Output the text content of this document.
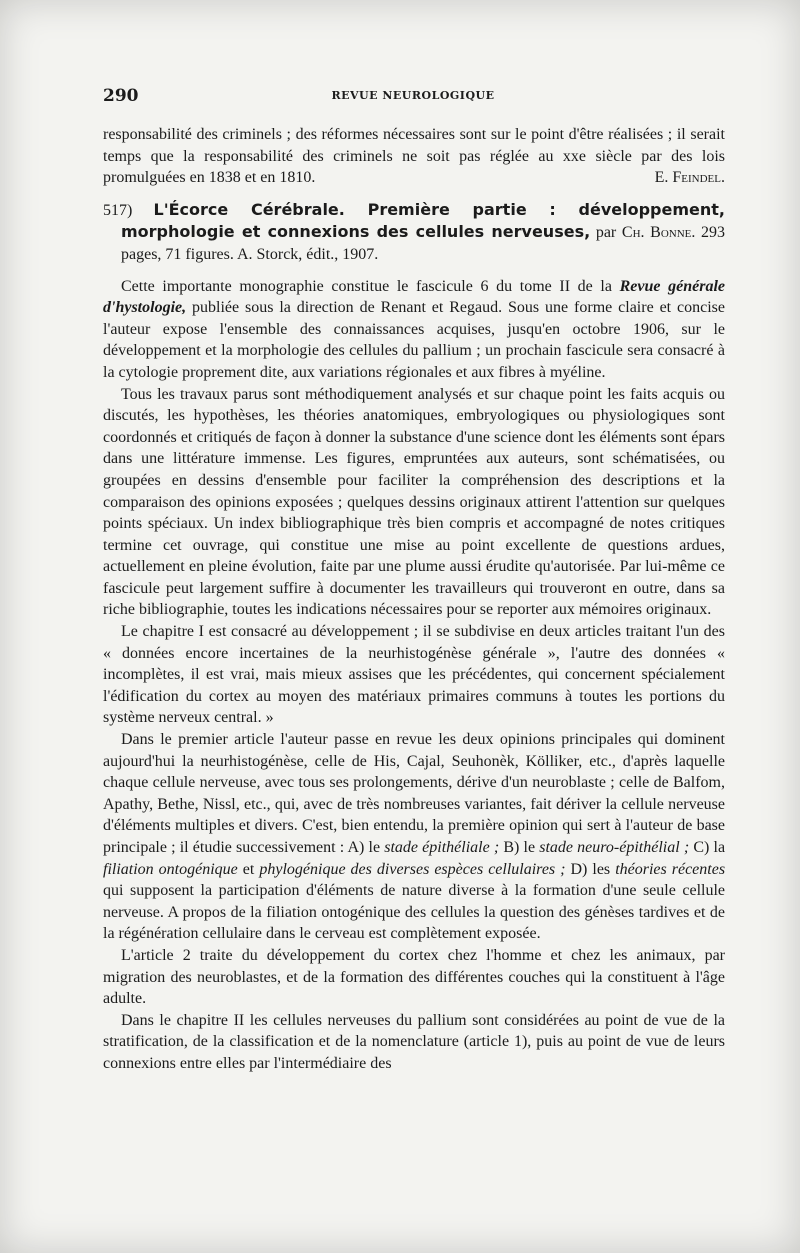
290	REVUE NEUROLOGIQUE

responsabilité des criminels ; des réformes nécessaires sont sur le point d'être réalisées ; il serait temps que la responsabilité des criminels ne soit pas réglée au xxe siècle par des lois promulguées en 1838 et en 1810.	E. Feindel.

517) L'Écorce Cérébrale. Première partie : développement, morphologie et connexions des cellules nerveuses, par Ch. Bonne. 293 pages, 71 figures. A. Storck, édit., 1907.

Cette importante monographie constitue le fascicule 6 du tome II de la Revue générale d'hystologie, publiée sous la direction de Renant et Regaud. Sous une forme claire et concise l'auteur expose l'ensemble des connaissances acquises, jusqu'en octobre 1906, sur le développement et la morphologie des cellules du pallium ; un prochain fascicule sera consacré à la cytologie proprement dite, aux variations régionales et aux fibres à myéline.

Tous les travaux parus sont méthodiquement analysés et sur chaque point les faits acquis ou discutés, les hypothèses, les théories anatomiques, embryologiques ou physiologiques sont coordonnés et critiqués de façon à donner la substance d'une science dont les éléments sont épars dans une littérature immense. Les figures, empruntées aux auteurs, sont schématisées, ou groupées en dessins d'ensemble pour faciliter la compréhension des descriptions et la comparaison des opinions exposées ; quelques dessins originaux attirent l'attention sur quelques points spéciaux. Un index bibliographique très bien compris et accompagné de notes critiques termine cet ouvrage, qui constitue une mise au point excellente de questions ardues, actuellement en pleine évolution, faite par une plume aussi érudite qu'autorisée. Par lui-même ce fascicule peut largement suffire à documenter les travailleurs qui trouveront en outre, dans sa riche bibliographie, toutes les indications nécessaires pour se reporter aux mémoires originaux.

Le chapitre I est consacré au développement ; il se subdivise en deux articles traitant l'un des « données encore incertaines de la neurhistogénèse générale », l'autre des données « incomplètes, il est vrai, mais mieux assises que les précédentes, qui concernent spécialement l'édification du cortex au moyen des matériaux primaires communs à toutes les portions du système nerveux central. »

Dans le premier article l'auteur passe en revue les deux opinions principales qui dominent aujourd'hui la neurhistogénèse, celle de His, Cajal, Seuhonèk, Kölliker, etc., d'après laquelle chaque cellule nerveuse, avec tous ses prolongements, dérive d'un neuroblaste ; celle de Balfom, Apathy, Bethe, Nissl, etc., qui, avec de très nombreuses variantes, fait dériver la cellule nerveuse d'éléments multiples et divers. C'est, bien entendu, la première opinion qui sert à l'auteur de base principale ; il étudie successivement : A) le stade épithéliale ; B) le stade neuro-épithélial ; C) la filiation ontogénique et phylogénique des diverses espèces cellulaires ; D) les théories récentes qui supposent la participation d'éléments de nature diverse à la formation d'une seule cellule nerveuse. A propos de la filiation ontogénique des cellules la question des génèses tardives et de la régénération cellulaire dans le cerveau est complètement exposée.

L'article 2 traite du développement du cortex chez l'homme et chez les animaux, par migration des neuroblastes, et de la formation des différentes couches qui la constituent à l'âge adulte.

Dans le chapitre II les cellules nerveuses du pallium sont considérées au point de vue de la stratification, de la classification et de la nomenclature (article 1), puis au point de vue de leurs connexions entre elles par l'intermédiaire des
